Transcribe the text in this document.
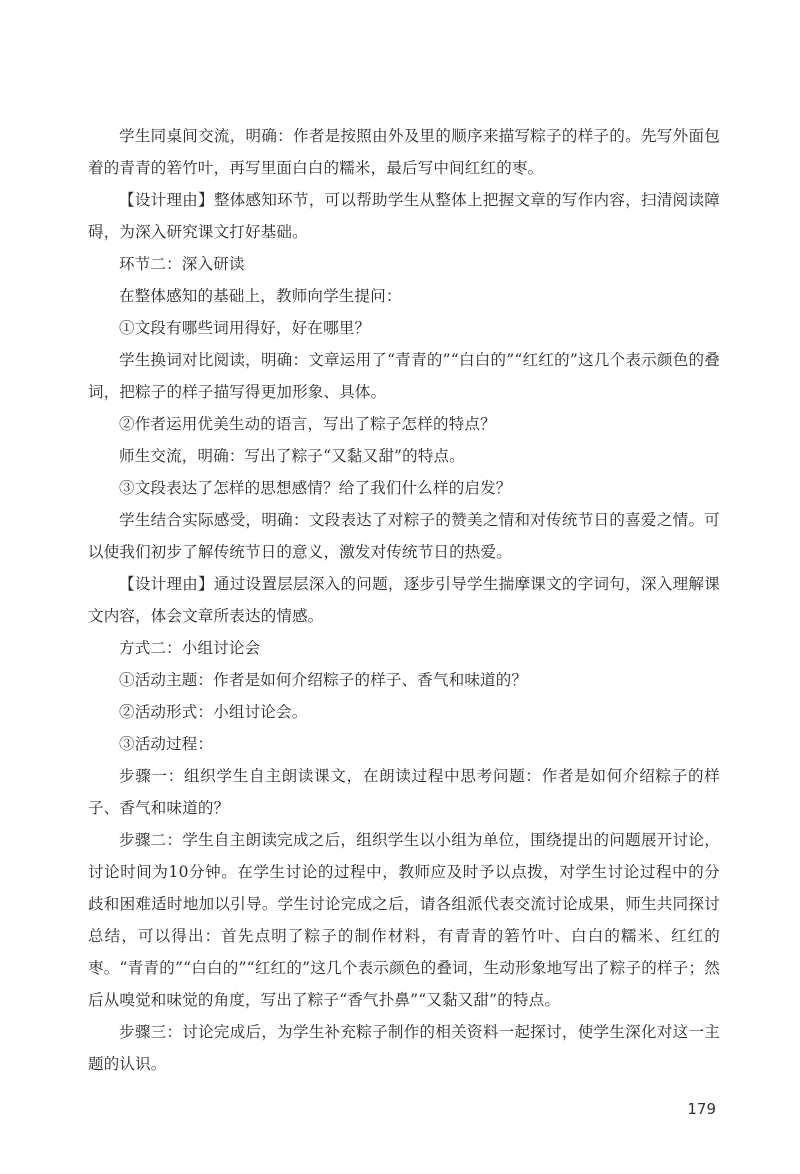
学生同桌间交流，明确：作者是按照由外及里的顺序来描写粽子的样子的。先写外面包着的青青的箬竹叶，再写里面白白的糯米，最后写中间红红的枣。

【设计理由】整体感知环节，可以帮助学生从整体上把握文章的写作内容，扫清阅读障碍，为深入研究课文打好基础。

环节二：深入研读

在整体感知的基础上，教师向学生提问：

①文段有哪些词用得好，好在哪里？

学生换词对比阅读，明确：文章运用了“青青的”“白白的”“红红的”这几个表示颜色的叠词，把粽子的样子描写得更加形象、具体。

②作者运用优美生动的语言，写出了粽子怎样的特点？

师生交流，明确：写出了粽子“又黏又甜”的特点。

③文段表达了怎样的思想感情？给了我们什么样的启发？

学生结合实际感受，明确：文段表达了对粽子的赞美之情和对传统节日的喜爱之情。可以使我们初步了解传统节日的意义，激发对传统节日的热爱。

【设计理由】通过设置层层深入的问题，逐步引导学生揣摩课文的字词句，深入理解课文内容，体会文章所表达的情感。

方式二：小组讨论会

①活动主题：作者是如何介绍粽子的样子、香气和味道的？

②活动形式：小组讨论会。

③活动过程：

步骤一：组织学生自主朗读课文，在朗读过程中思考问题：作者是如何介绍粽子的样子、香气和味道的？

步骤二：学生自主朗读完成之后，组织学生以小组为单位，围绕提出的问题展开讨论，讨论时间为10分钟。在学生讨论的过程中，教师应及时予以点拨，对学生讨论过程中的分歧和困难适时地加以引导。学生讨论完成之后，请各组派代表交流讨论成果，师生共同探讨总结，可以得出：首先点明了粽子的制作材料，有青青的箬竹叶、白白的糯米、红红的枣。“青青的”“白白的”“红红的”这几个表示颜色的叠词，生动形象地写出了粽子的样子；然后从嗅觉和味觉的角度，写出了粽子“香气扑鼻”“又黏又甜”的特点。

步骤三：讨论完成后，为学生补充粽子制作的相关资料一起探讨，使学生深化对这一主题的认识。

179
